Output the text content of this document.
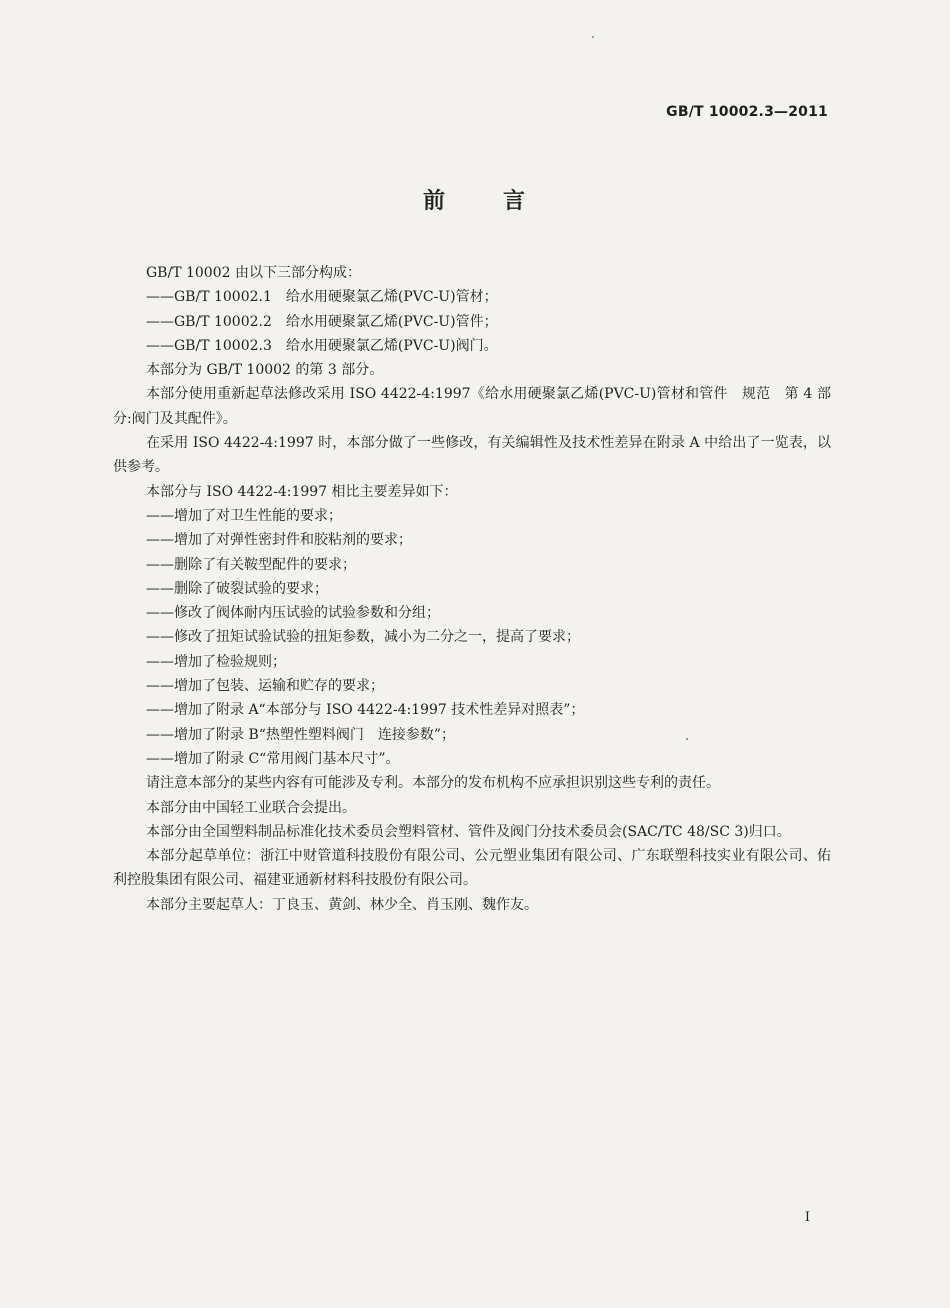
GB/T 10002.3—2011
前	言

GB/T 10002 由以下三部分构成：

——GB/T 10002.1　给水用硬聚氯乙烯(PVC-U)管材；

——GB/T 10002.2　给水用硬聚氯乙烯(PVC-U)管件；

——GB/T 10002.3　给水用硬聚氯乙烯(PVC-U)阀门。

本部分为 GB/T 10002 的第 3 部分。

本部分使用重新起草法修改采用 ISO 4422-4:1997《给水用硬聚氯乙烯(PVC-U)管材和管件　规范　第 4 部分:阀门及其配件》。

在采用 ISO 4422-4:1997 时，本部分做了一些修改，有关编辑性及技术性差异在附录 A 中给出了一览表，以供参考。

本部分与 ISO 4422-4:1997 相比主要差异如下：

——增加了对卫生性能的要求；

——增加了对弹性密封件和胶粘剂的要求；

——删除了有关鞍型配件的要求；

——删除了破裂试验的要求；

——修改了阀体耐内压试验的试验参数和分组；

——修改了扭矩试验试验的扭矩参数，减小为二分之一，提高了要求；

——增加了检验规则；

——增加了包装、运输和贮存的要求；

——增加了附录 A“本部分与 ISO 4422-4:1997 技术性差异对照表”；

——增加了附录 B“热塑性塑料阀门　连接参数”；

——增加了附录 C“常用阀门基本尺寸”。

请注意本部分的某些内容有可能涉及专利。本部分的发布机构不应承担识别这些专利的责任。

本部分由中国轻工业联合会提出。

本部分由全国塑料制品标准化技术委员会塑料管材、管件及阀门分技术委员会(SAC/TC 48/SC 3)归口。

本部分起草单位：浙江中财管道科技股份有限公司、公元塑业集团有限公司、广东联塑科技实业有限公司、佑利控股集团有限公司、福建亚通新材料科技股份有限公司。

本部分主要起草人：丁良玉、黄剑、林少全、肖玉刚、魏作友。

I
